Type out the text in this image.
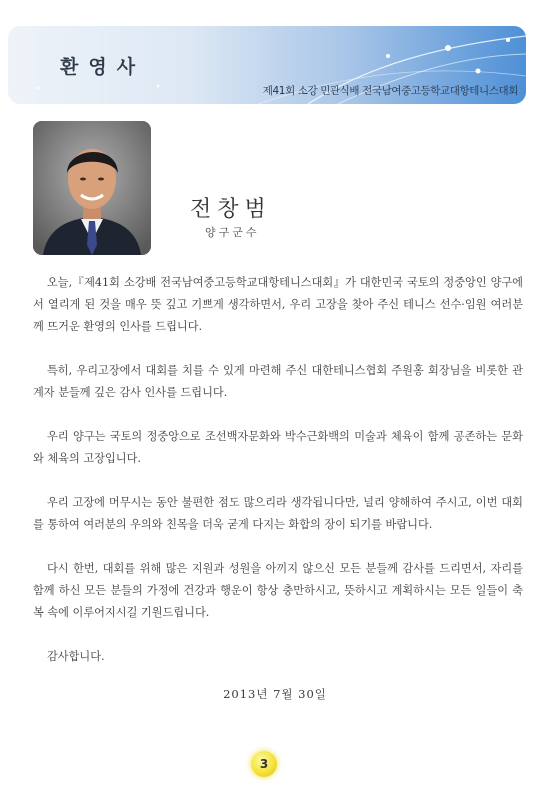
환영사
제41회 소강 민관식배 전국남여중고등학교대항테니스대회
전창범
양구군수

오늘,『제41회 소강배 전국남여중고등학교대항테니스대회』가 대한민국 국토의 정중앙인 양구에서 열리게 된 것을 매우 뜻 깊고 기쁘게 생각하면서, 우리 고장을 찾아 주신 테니스 선수·임원 여러분께 뜨거운 환영의 인사를 드립니다.

특히, 우리고장에서 대회를 치를 수 있게 마련해 주신 대한테니스협회 주원홍 회장님을 비롯한 관계자 분들께 깊은 감사 인사를 드립니다.

우리 양구는 국토의 정중앙으로 조선백자문화와 박수근화백의 미술과 체육이 함께 공존하는 문화와 체육의 고장입니다.

우리 고장에 머무시는 동안 불편한 점도 많으리라 생각됩니다만, 널리 양해하여 주시고, 이번 대회를 통하여 여러분의 우의와 친목을 더욱 굳게 다지는 화합의 장이 되기를 바랍니다.

다시 한번, 대회를 위해 많은 지원과 성원을 아끼지 않으신 모든 분들께 감사를 드리면서, 자리를 함께 하신 모든 분들의 가정에 건강과 행운이 항상 충만하시고, 뜻하시고 계획하시는 모든 일들이 축복 속에 이루어지시길 기원드립니다.

감사합니다.

2013년 7월 30일
3
